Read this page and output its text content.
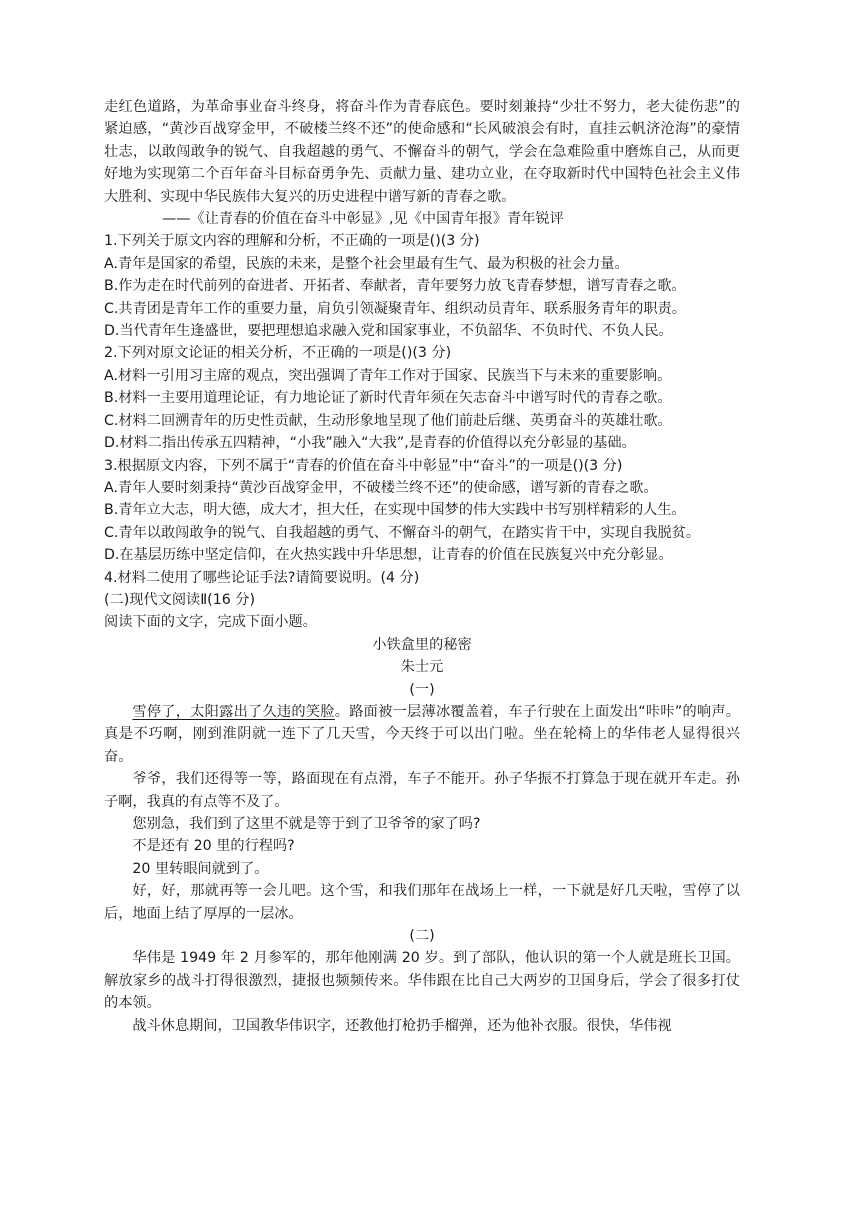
走红色道路，为革命事业奋斗终身，将奋斗作为青春底色。要时刻兼持“少壮不努力，老大徒伤悲”的紧迫感，“黄沙百战穿金甲，不破楼兰终不还”的使命感和“长风破浪会有时，直挂云帆济沧海”的豪情壮志，以敢闯敢争的锐气、自我超越的勇气、不懈奋斗的朝气，学会在急难险重中磨炼自己，从而更好地为实现第二个百年奋斗目标奋勇争先、贡献力量、建功立业，在夺取新时代中国特色社会主义伟大胜利、实现中华民族伟大复兴的历史进程中谱写新的青春之歌。

——《让青春的价值在奋斗中彰显》,见《中国青年报》青年锐评

1.下列关于原文内容的理解和分析，不正确的一项是()(3 分)

A.青年是国家的希望，民族的未来，是整个社会里最有生气、最为积极的社会力量。

B.作为走在时代前列的奋进者、开拓者、奉献者，青年要努力放飞青春梦想，谱写青春之歌。

C.共青团是青年工作的重要力量，肩负引领凝聚青年、组织动员青年、联系服务青年的职责。

D.当代青年生逢盛世，要把理想追求融入党和国家事业，不负韶华、不负时代、不负人民。

2.下列对原文论证的相关分析，不正确的一项是()(3 分)

A.材料一引用习主席的观点，突出强调了青年工作对于国家、民族当下与未来的重要影响。

B.材料一主要用道理论证，有力地论证了新时代青年须在矢志奋斗中谱写时代的青春之歌。

C.材料二回溯青年的历史性贡献，生动形象地呈现了他们前赴后继、英勇奋斗的英雄壮歌。

D.材料二指出传承五四精神，“小我”融入“大我”,是青春的价值得以充分彰显的基础。

3.根据原文内容，下列不属于“青春的价值在奋斗中彰显”中“奋斗”的一项是()(3 分)

A.青年人要时刻秉持“黄沙百战穿金甲，不破楼兰终不还”的使命感，谱写新的青春之歌。

B.青年立大志，明大德，成大才，担大任，在实现中国梦的伟大实践中书写别样精彩的人生。

C.青年以敢闯敢争的锐气、自我超越的勇气、不懈奋斗的朝气，在踏实肯干中，实现自我脱贫。

D.在基层历练中坚定信仰，在火热实践中升华思想，让青春的价值在民族复兴中充分彰显。

4.材料二使用了哪些论证手法?请简要说明。(4 分)

(二)现代文阅读Ⅱ(16 分)

阅读下面的文字，完成下面小题。

小铁盒里的秘密

朱士元

(一)

雪停了，太阳露出了久违的笑脸。路面被一层薄冰覆盖着，车子行驶在上面发出“咔咔”的响声。真是不巧啊，刚到淮阴就一连下了几天雪，今天终于可以出门啦。坐在轮椅上的华伟老人显得很兴奋。

爷爷，我们还得等一等，路面现在有点滑，车子不能开。孙子华振不打算急于现在就开车走。孙子啊，我真的有点等不及了。

您别急，我们到了这里不就是等于到了卫爷爷的家了吗?

不是还有 20 里的行程吗?

20 里转眼间就到了。

好，好，那就再等一会儿吧。这个雪，和我们那年在战场上一样，一下就是好几天啦，雪停了以后，地面上结了厚厚的一层冰。

(二)

华伟是 1949 年 2 月参军的，那年他刚满 20 岁。到了部队，他认识的第一个人就是班长卫国。解放家乡的战斗打得很激烈，捷报也频频传来。华伟跟在比自己大两岁的卫国身后，学会了很多打仗的本领。

战斗休息期间，卫国教华伟识字，还教他打枪扔手榴弹，还为他补衣服。很快，华伟视
